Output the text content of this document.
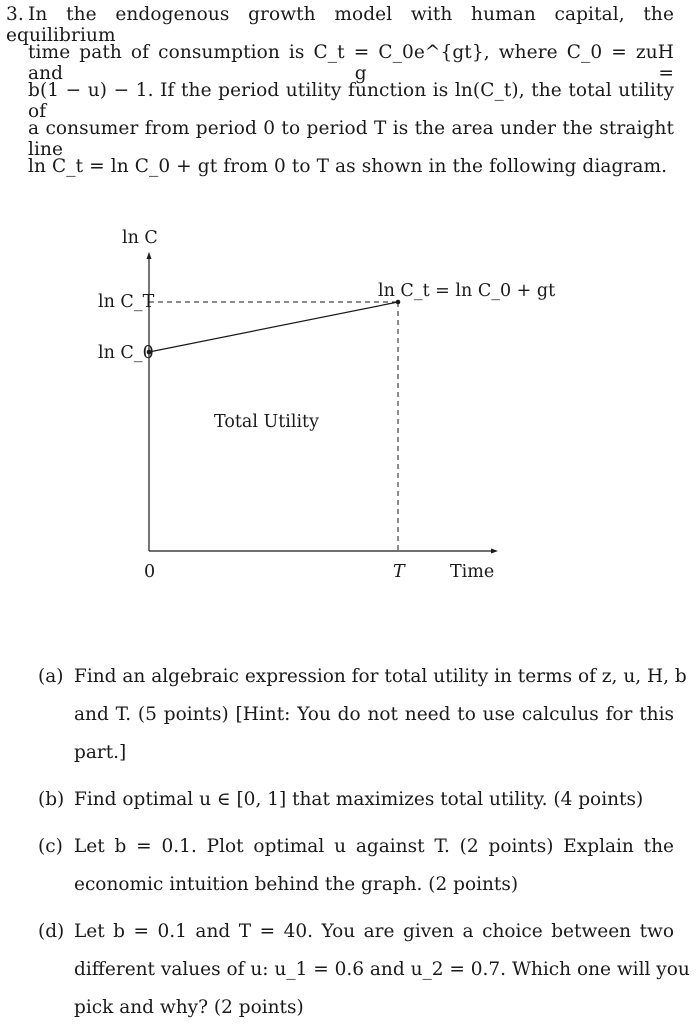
3. In the endogenous growth model with human capital, the equilibrium
time path of consumption is C_t = C_0e^{gt}, where C_0 = zuH and g =
b(1 − u) − 1. If the period utility function is ln(C_t), the total utility of
a consumer from period 0 to period T is the area under the straight line
ln C_t = ln C_0 + gt from 0 to T as shown in the following diagram.
ln C
ln C_T
ln C_0
ln C_t = ln C_0 + gt
Total Utility
0	T	Time
(a) Find an algebraic expression for total utility in terms of z, u, H, b
and T. (5 points) [Hint: You do not need to use calculus for this
part.]
(b) Find optimal u ∈ [0, 1] that maximizes total utility. (4 points)
(c) Let b = 0.1. Plot optimal u against T. (2 points) Explain the
economic intuition behind the graph. (2 points)
(d) Let b = 0.1 and T = 40. You are given a choice between two
different values of u: u_1 = 0.6 and u_2 = 0.7. Which one will you
pick and why? (2 points)
